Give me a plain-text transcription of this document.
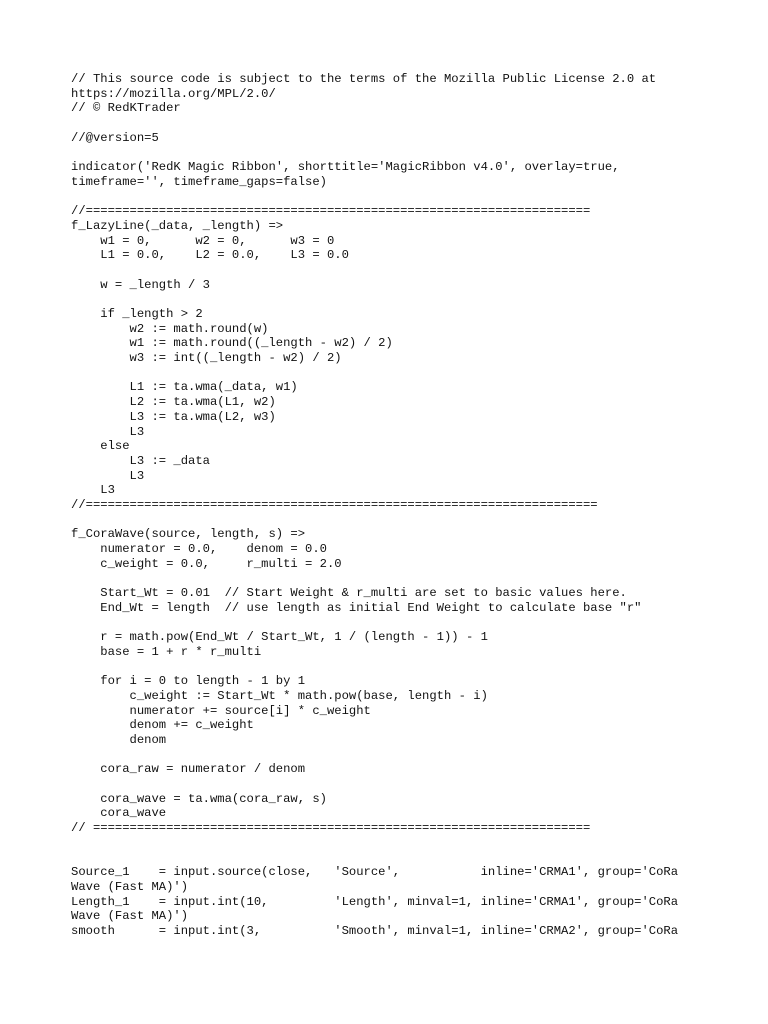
// This source code is subject to the terms of the Mozilla Public License 2.0 at
https://mozilla.org/MPL/2.0/
// © RedKTrader

//@version=5

indicator('RedK Magic Ribbon', shorttitle='MagicRibbon v4.0', overlay=true,
timeframe='', timeframe_gaps=false)

//=====================================================================
f_LazyLine(_data, _length) =>
w1 = 0,      w2 = 0,      w3 = 0
L1 = 0.0,    L2 = 0.0,    L3 = 0.0

w = _length / 3

if _length > 2
w2 := math.round(w)
w1 := math.round((_length - w2) / 2)
w3 := int((_length - w2) / 2)

L1 := ta.wma(_data, w1)
L2 := ta.wma(L1, w2)
L3 := ta.wma(L2, w3)
L3
else
L3 := _data
L3
L3
//======================================================================

f_CoraWave(source, length, s) =>
numerator = 0.0,    denom = 0.0
c_weight = 0.0,     r_multi = 2.0

Start_Wt = 0.01  // Start Weight & r_multi are set to basic values here.
End_Wt = length  // use length as initial End Weight to calculate base "r"

r = math.pow(End_Wt / Start_Wt, 1 / (length - 1)) - 1
base = 1 + r * r_multi

for i = 0 to length - 1 by 1
c_weight := Start_Wt * math.pow(base, length - i)
numerator += source[i] * c_weight
denom += c_weight
denom

cora_raw = numerator / denom

cora_wave = ta.wma(cora_raw, s)
cora_wave
// ====================================================================

Source_1    = input.source(close,   'Source',           inline='CRMA1', group='CoRa
Wave (Fast MA)')
Length_1    = input.int(10,         'Length', minval=1, inline='CRMA1', group='CoRa
Wave (Fast MA)')
smooth      = input.int(3,          'Smooth', minval=1, inline='CRMA2', group='CoRa
